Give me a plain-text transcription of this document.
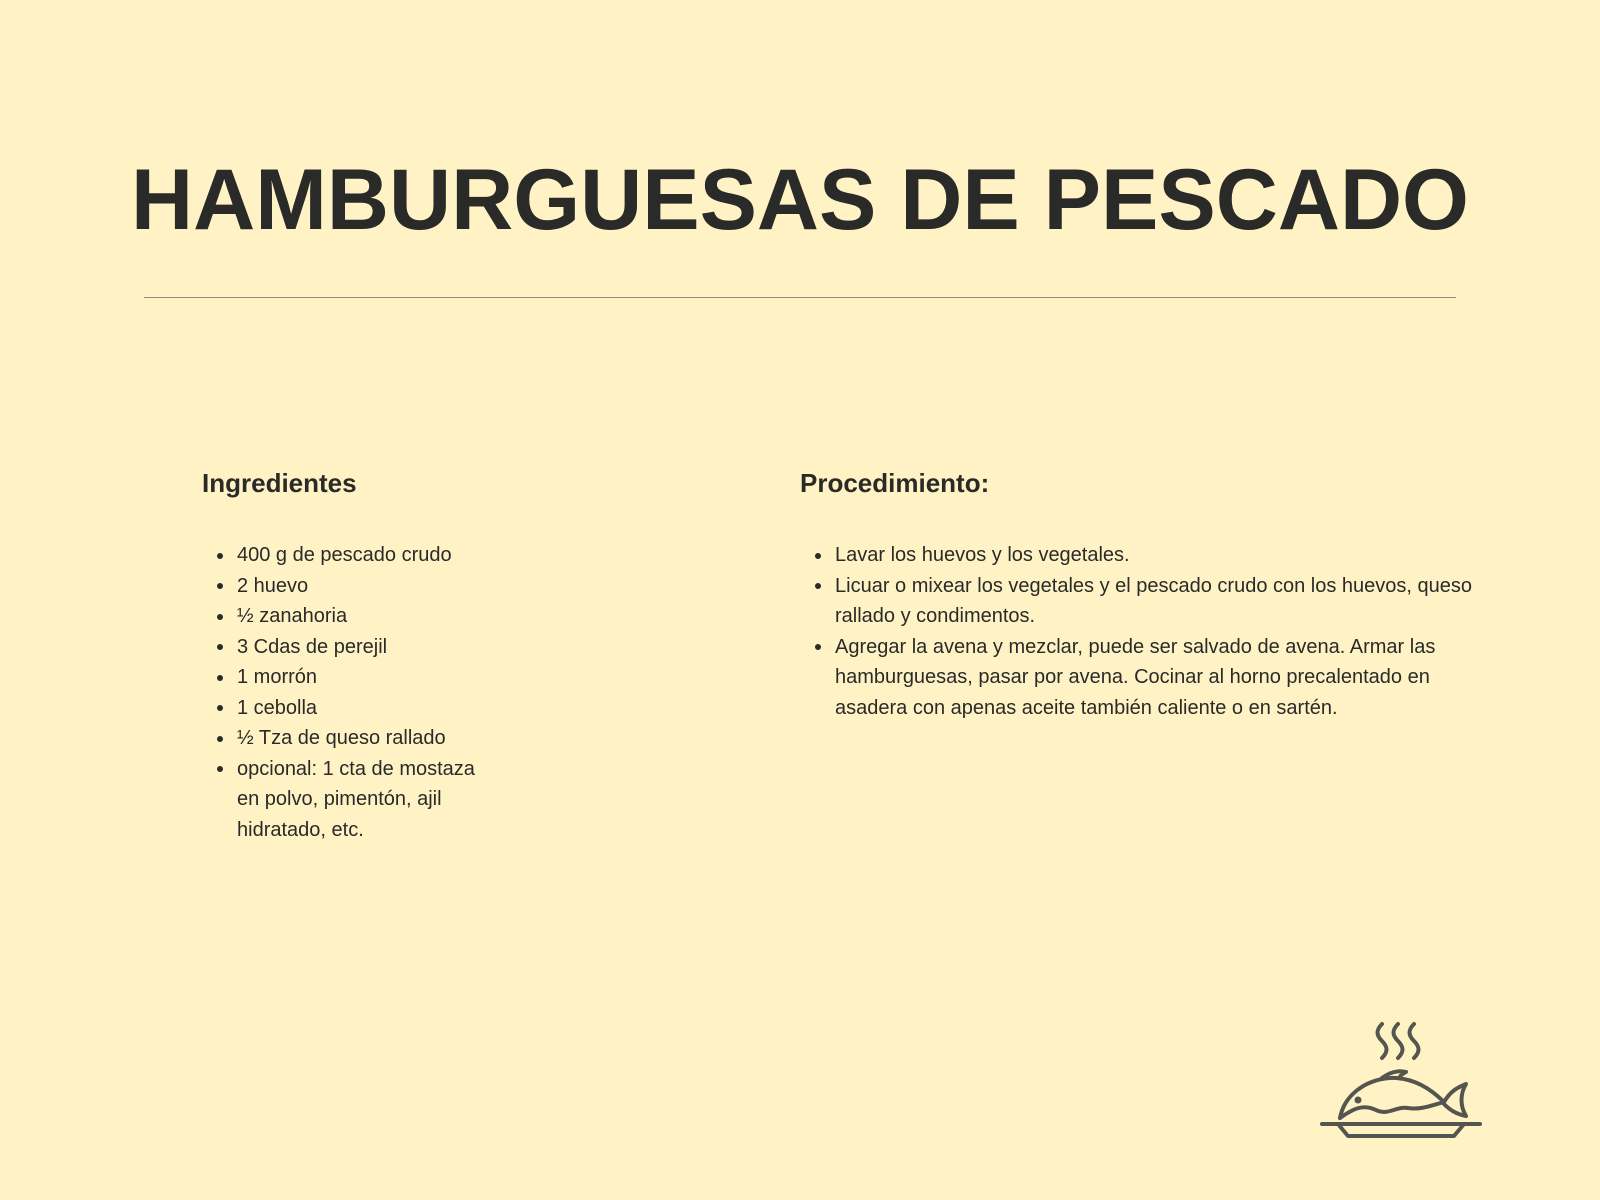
HAMBURGUESAS DE PESCADO
Ingredientes
400 g de pescado crudo
2 huevo
½ zanahoria
3 Cdas de perejil
1 morrón
1 cebolla
½ Tza de queso rallado
opcional: 1 cta de mostaza en polvo, pimentón, ajil hidratado, etc.
Procedimiento:
Lavar los huevos y los vegetales.
Licuar o mixear los vegetales y el pescado crudo con los huevos, queso rallado y condimentos.
Agregar la avena y mezclar, puede ser salvado de avena. Armar las hamburguesas, pasar por avena. Cocinar al horno precalentado en asadera con apenas aceite también caliente o en sartén.
